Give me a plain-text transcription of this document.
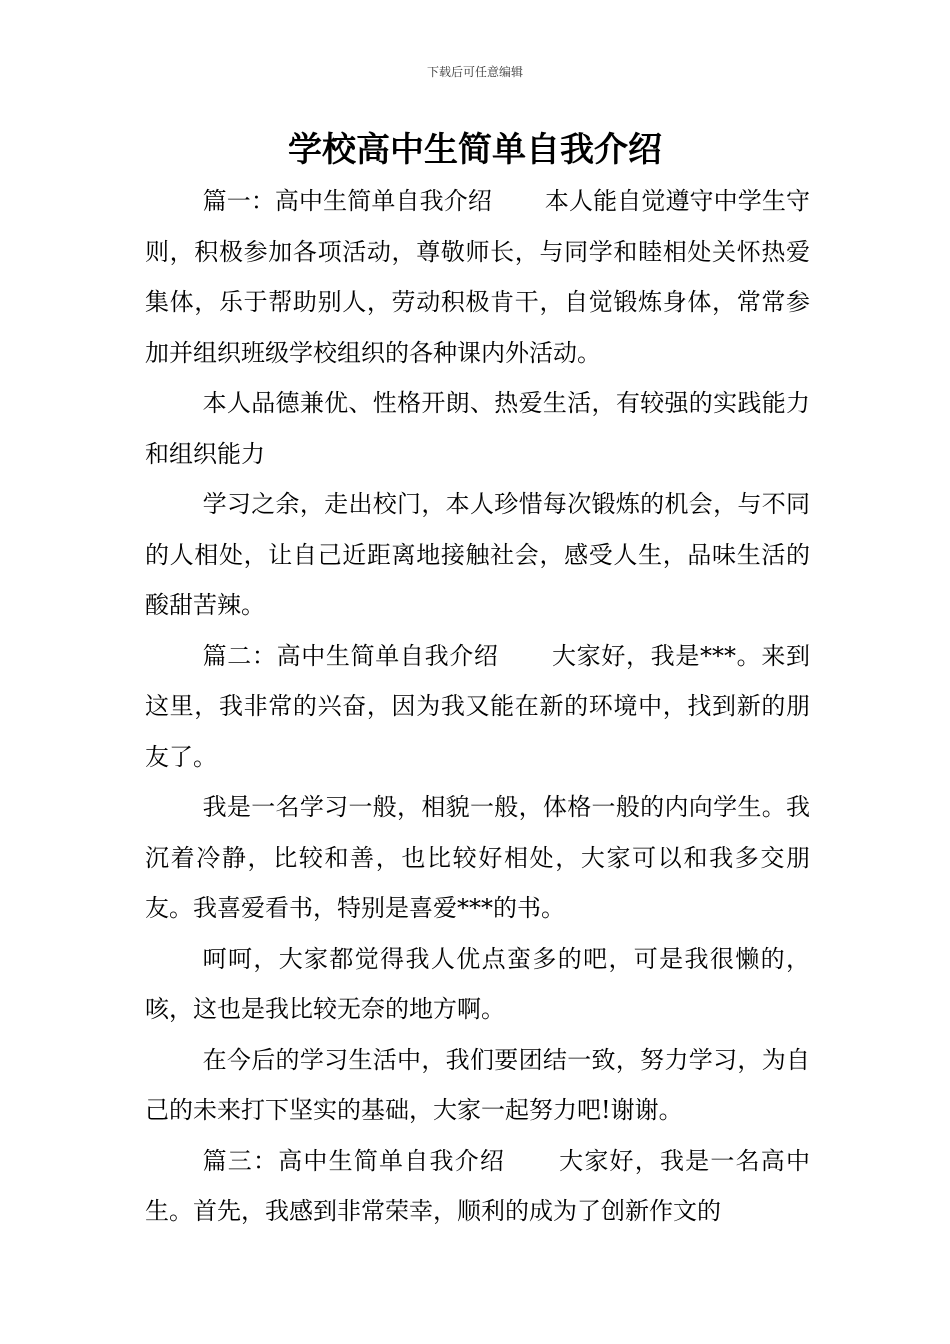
下载后可任意编辑
学校高中生简单自我介绍

篇一：高中生简单自我介绍 本人能自觉遵守中学生守则，积极参加各项活动，尊敬师长，与同学和睦相处关怀热爱集体，乐于帮助别人，劳动积极肯干，自觉锻炼身体，常常参加并组织班级学校组织的各种课内外活动。

本人品德兼优、性格开朗、热爱生活，有较强的实践能力和组织能力

学习之余，走出校门，本人珍惜每次锻炼的机会，与不同的人相处，让自己近距离地接触社会，感受人生，品味生活的酸甜苦辣。

篇二：高中生简单自我介绍 大家好，我是***。来到这里，我非常的兴奋，因为我又能在新的环境中，找到新的朋友了。

我是一名学习一般，相貌一般，体格一般的内向学生。我沉着冷静，比较和善，也比较好相处，大家可以和我多交朋友。我喜爱看书，特别是喜爱***的书。

呵呵，大家都觉得我人优点蛮多的吧，可是我很懒的，咳，这也是我比较无奈的地方啊。

在今后的学习生活中，我们要团结一致，努力学习，为自己的未来打下坚实的基础，大家一起努力吧!谢谢。

篇三：高中生简单自我介绍 大家好，我是一名高中生。首先，我感到非常荣幸，顺利的成为了创新作文的
